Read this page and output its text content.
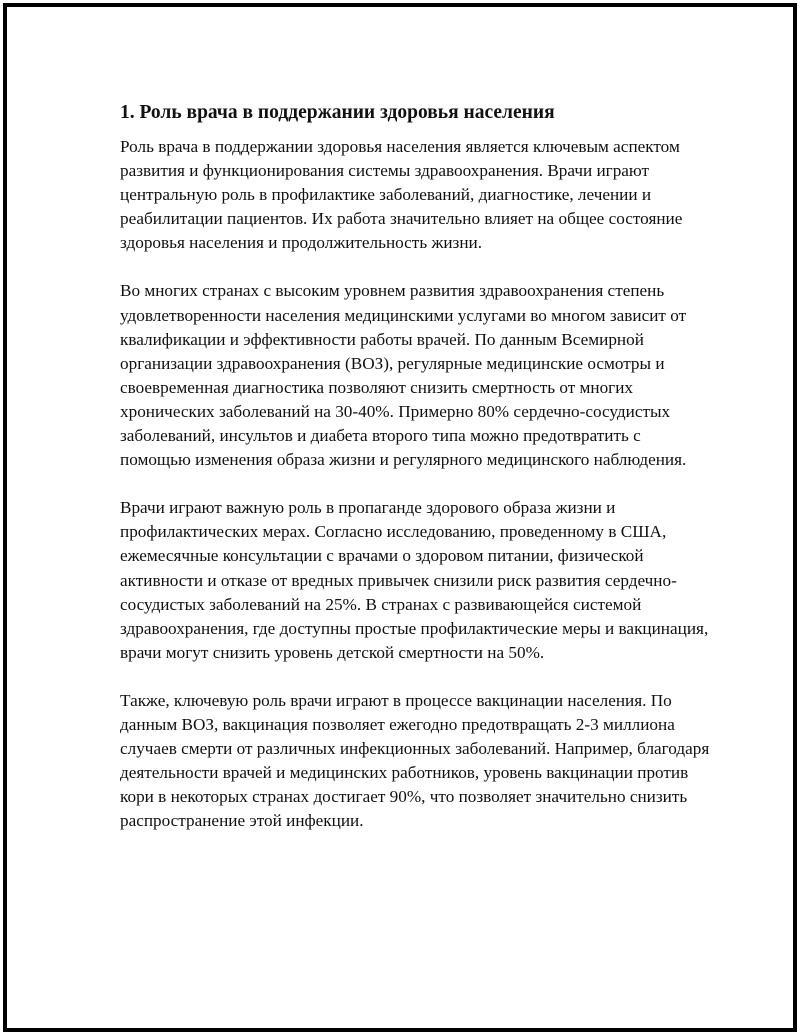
1. Роль врача в поддержании здоровья населения

Роль врача в поддержании здоровья населения является ключевым аспектом развития и функционирования системы здравоохранения. Врачи играют центральную роль в профилактике заболеваний, диагностике, лечении и реабилитации пациентов. Их работа значительно влияет на общее состояние здоровья населения и продолжительность жизни.

Во многих странах с высоким уровнем развития здравоохранения степень удовлетворенности населения медицинскими услугами во многом зависит от квалификации и эффективности работы врачей. По данным Всемирной организации здравоохранения (ВОЗ), регулярные медицинские осмотры и своевременная диагностика позволяют снизить смертность от многих хронических заболеваний на 30-40%. Примерно 80% сердечно-сосудистых заболеваний, инсультов и диабета второго типа можно предотвратить с помощью изменения образа жизни и регулярного медицинского наблюдения.

Врачи играют важную роль в пропаганде здорового образа жизни и профилактических мерах. Согласно исследованию, проведенному в США, ежемесячные консультации с врачами о здоровом питании, физической активности и отказе от вредных привычек снизили риск развития сердечно-сосудистых заболеваний на 25%. В странах с развивающейся системой здравоохранения, где доступны простые профилактические меры и вакцинация, врачи могут снизить уровень детской смертности на 50%.

Также, ключевую роль врачи играют в процессе вакцинации населения. По данным ВОЗ, вакцинация позволяет ежегодно предотвращать 2-3 миллиона случаев смерти от различных инфекционных заболеваний. Например, благодаря деятельности врачей и медицинских работников, уровень вакцинации против кори в некоторых странах достигает 90%, что позволяет значительно снизить распространение этой инфекции.
